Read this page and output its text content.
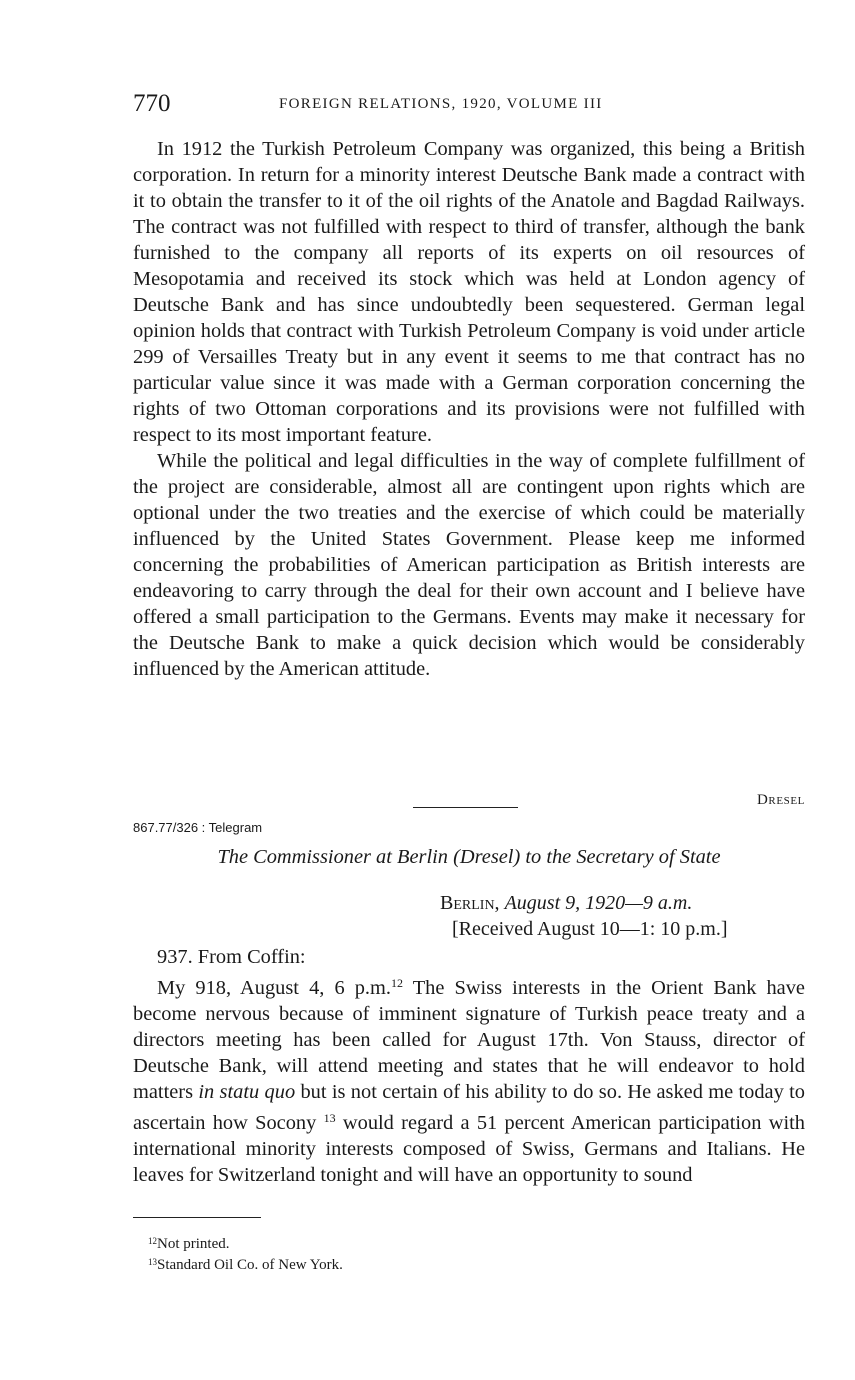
770	FOREIGN RELATIONS, 1920, VOLUME III

In 1912 the Turkish Petroleum Company was organized, this being a British corporation. In return for a minority interest Deutsche Bank made a contract with it to obtain the transfer to it of the oil rights of the Anatole and Bagdad Railways. The contract was not fulfilled with respect to third of transfer, although the bank furnished to the company all reports of its experts on oil resources of Mesopotamia and received its stock which was held at London agency of Deutsche Bank and has since undoubtedly been sequestered. German legal opinion holds that contract with Turkish Petroleum Company is void under article 299 of Versailles Treaty but in any event it seems to me that contract has no particular value since it was made with a German corporation concerning the rights of two Ottoman corporations and its provisions were not fulfilled with respect to its most important feature.

While the political and legal difficulties in the way of complete fulfillment of the project are considerable, almost all are contingent upon rights which are optional under the two treaties and the exercise of which could be materially influenced by the United States Government. Please keep me informed concerning the probabilities of American participation as British interests are endeavoring to carry through the deal for their own account and I believe have offered a small participation to the Germans. Events may make it necessary for the Deutsche Bank to make a quick decision which would be considerably influenced by the American attitude.

Dresel
867.77/326 : Telegram
The Commissioner at Berlin (Dresel) to the Secretary of State
Berlin, August 9, 1920—9 a.m.
[Received August 10—1: 10 p.m.]

937. From Coffin:

My 918, August 4, 6 p.m.$^{12}$ The Swiss interests in the Orient Bank have become nervous because of imminent signature of Turkish peace treaty and a directors meeting has been called for August 17th. Von Stauss, director of Deutsche Bank, will attend meeting and states that he will endeavor to hold matters in statu quo but is not certain of his ability to do so. He asked me today to ascertain how Socony $^{13}$ would regard a 51 percent American participation with international minority interests composed of Swiss, Germans and Italians. He leaves for Switzerland tonight and will have an opportunity to sound

$^{12}$Not printed.
$^{13}$Standard Oil Co. of New York.
